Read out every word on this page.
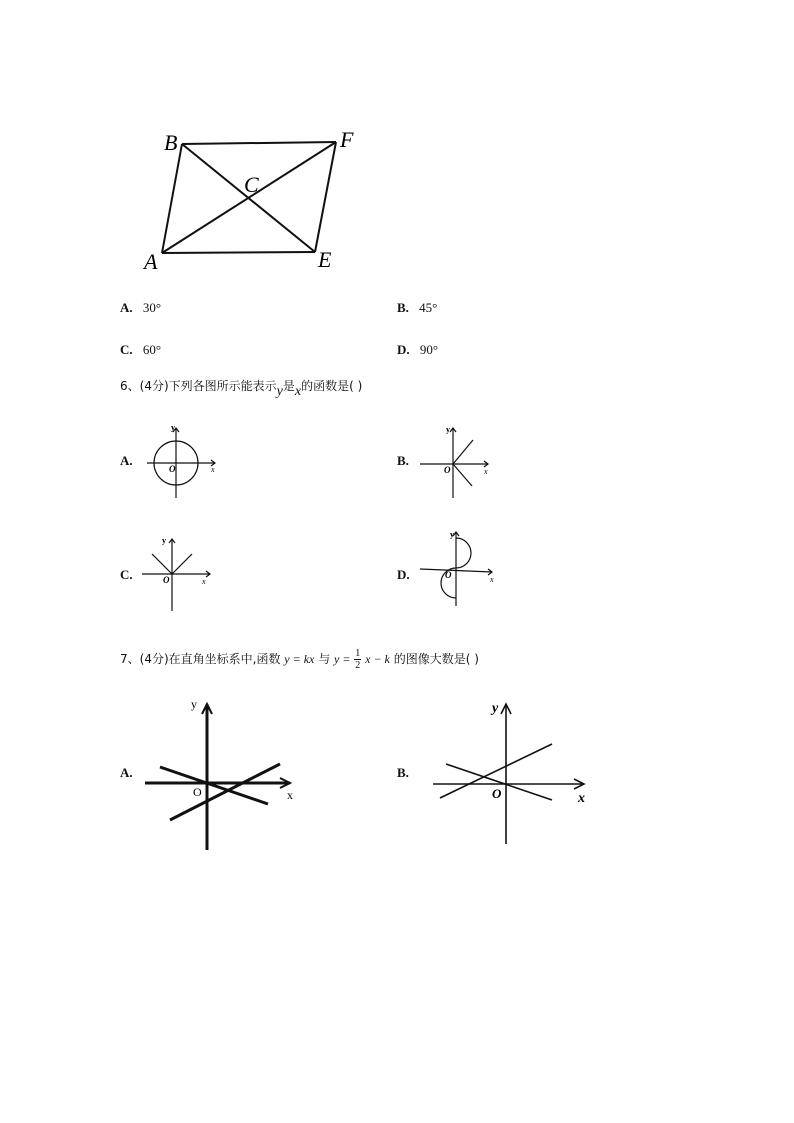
B	F
C
A	E
A. 30°	B. 45°
C. 60°	D. 90°
6、(4分)下列各图所示能表示y是x的函数是( )
A.
y
x
O
B.
y
x
O
C.
y
x
O	D.
y
x
O
7、(4分)在直角坐标系中,函数 y = kx 与 $y = \frac{1}{2}$ x − k 的图像大数是( )
A.
y
x
O
B.
y
x
O
